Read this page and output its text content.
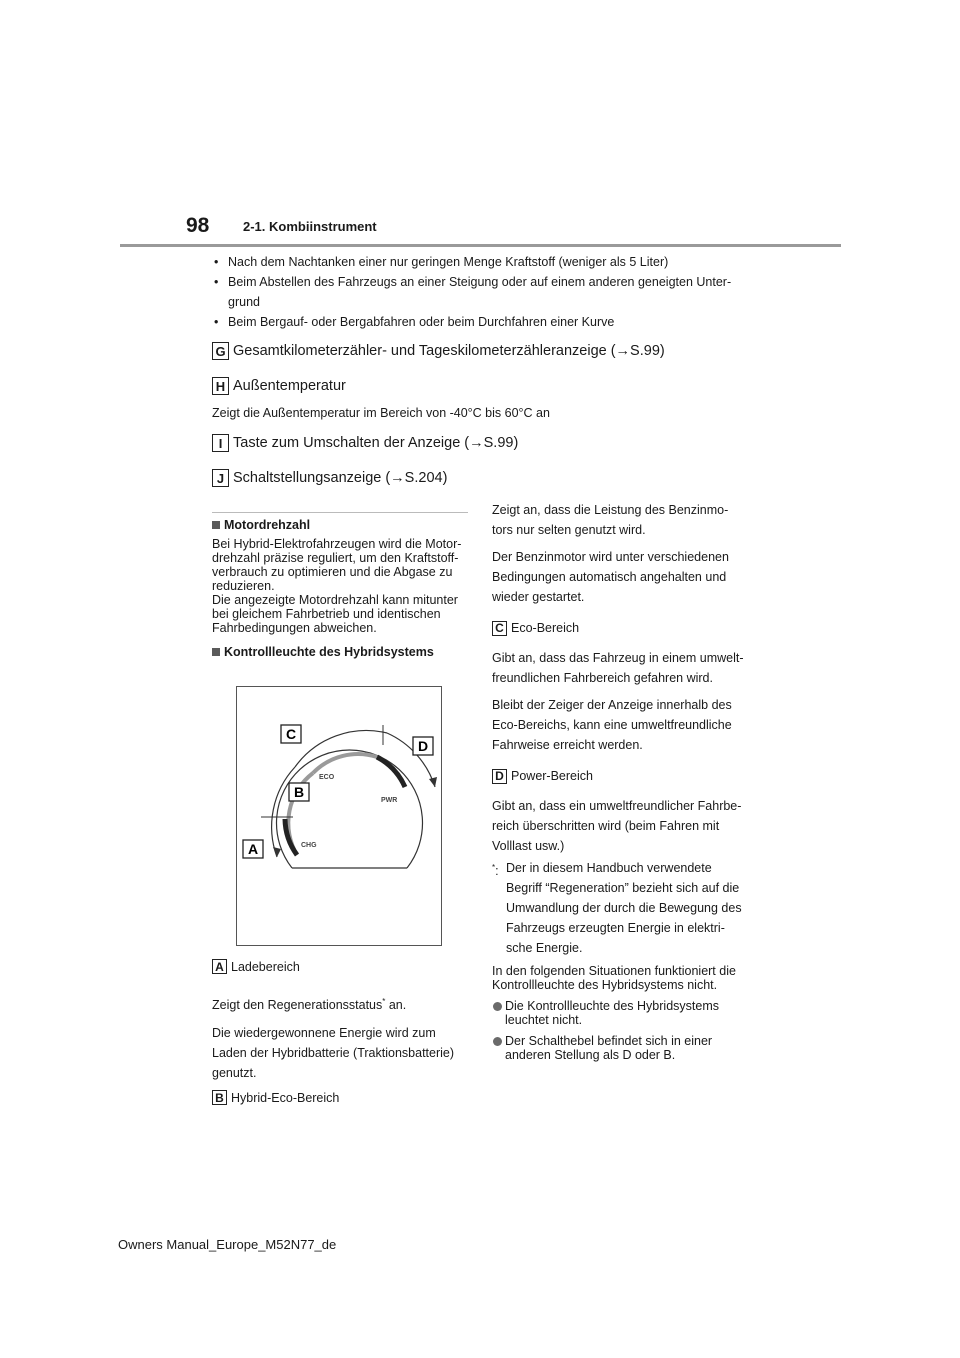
98	2-1. Kombiinstrument
• Nach dem Nachtanken einer nur geringen Menge Kraftstoff (weniger als 5 Liter)
• Beim Abstellen des Fahrzeugs an einer Steigung oder auf einem anderen geneigten Unter-
grund
• Beim Bergauf- oder Bergabfahren oder beim Durchfahren einer Kurve
G Gesamtkilometerzähler- und Tageskilometerzähleranzeige (→S.99)
H Außentemperatur
Zeigt die Außentemperatur im Bereich von -40°C bis 60°C an
I Taste zum Umschalten der Anzeige (→S.99)
J Schaltstellungsanzeige (→S.204)
Motordrehzahl
Bei Hybrid-Elektrofahrzeugen wird die Motor-
drehzahl präzise reguliert, um den Kraftstoff-
verbrauch zu optimieren und die Abgase zu
reduzieren.
Die angezeigte Motordrehzahl kann mitunter
bei gleichem Fahrbetrieb und identischen
Fahrbedingungen abweichen.
Kontrollleuchte des Hybridsystems
C
D
B
A
ECO
PWR
CHG
A Ladebereich
Zeigt den Regenerationsstatus* an.
Die wiedergewonnene Energie wird zum
Laden der Hybridbatterie (Traktionsbatterie)
genutzt.
B Hybrid-Eco-Bereich
Zeigt an, dass die Leistung des Benzinmo-
tors nur selten genutzt wird.
Der Benzinmotor wird unter verschiedenen
Bedingungen automatisch angehalten und
wieder gestartet.
C Eco-Bereich
Gibt an, dass das Fahrzeug in einem umwelt-
freundlichen Fahrbereich gefahren wird.
Bleibt der Zeiger der Anzeige innerhalb des
Eco-Bereichs, kann eine umweltfreundliche
Fahrweise erreicht werden.
D Power-Bereich
Gibt an, dass ein umweltfreundlicher Fahrbe-
reich überschritten wird (beim Fahren mit
Volllast usw.)
*: Der in diesem Handbuch verwendete
Begriff “Regeneration” bezieht sich auf die
Umwandlung der durch die Bewegung des
Fahrzeugs erzeugten Energie in elektri-
sche Energie.
In den folgenden Situationen funktioniert die
Kontrollleuchte des Hybridsystems nicht.
Die Kontrollleuchte des Hybridsystems
leuchtet nicht.
Der Schalthebel befindet sich in einer
anderen Stellung als D oder B.
Owners Manual_Europe_M52N77_de
